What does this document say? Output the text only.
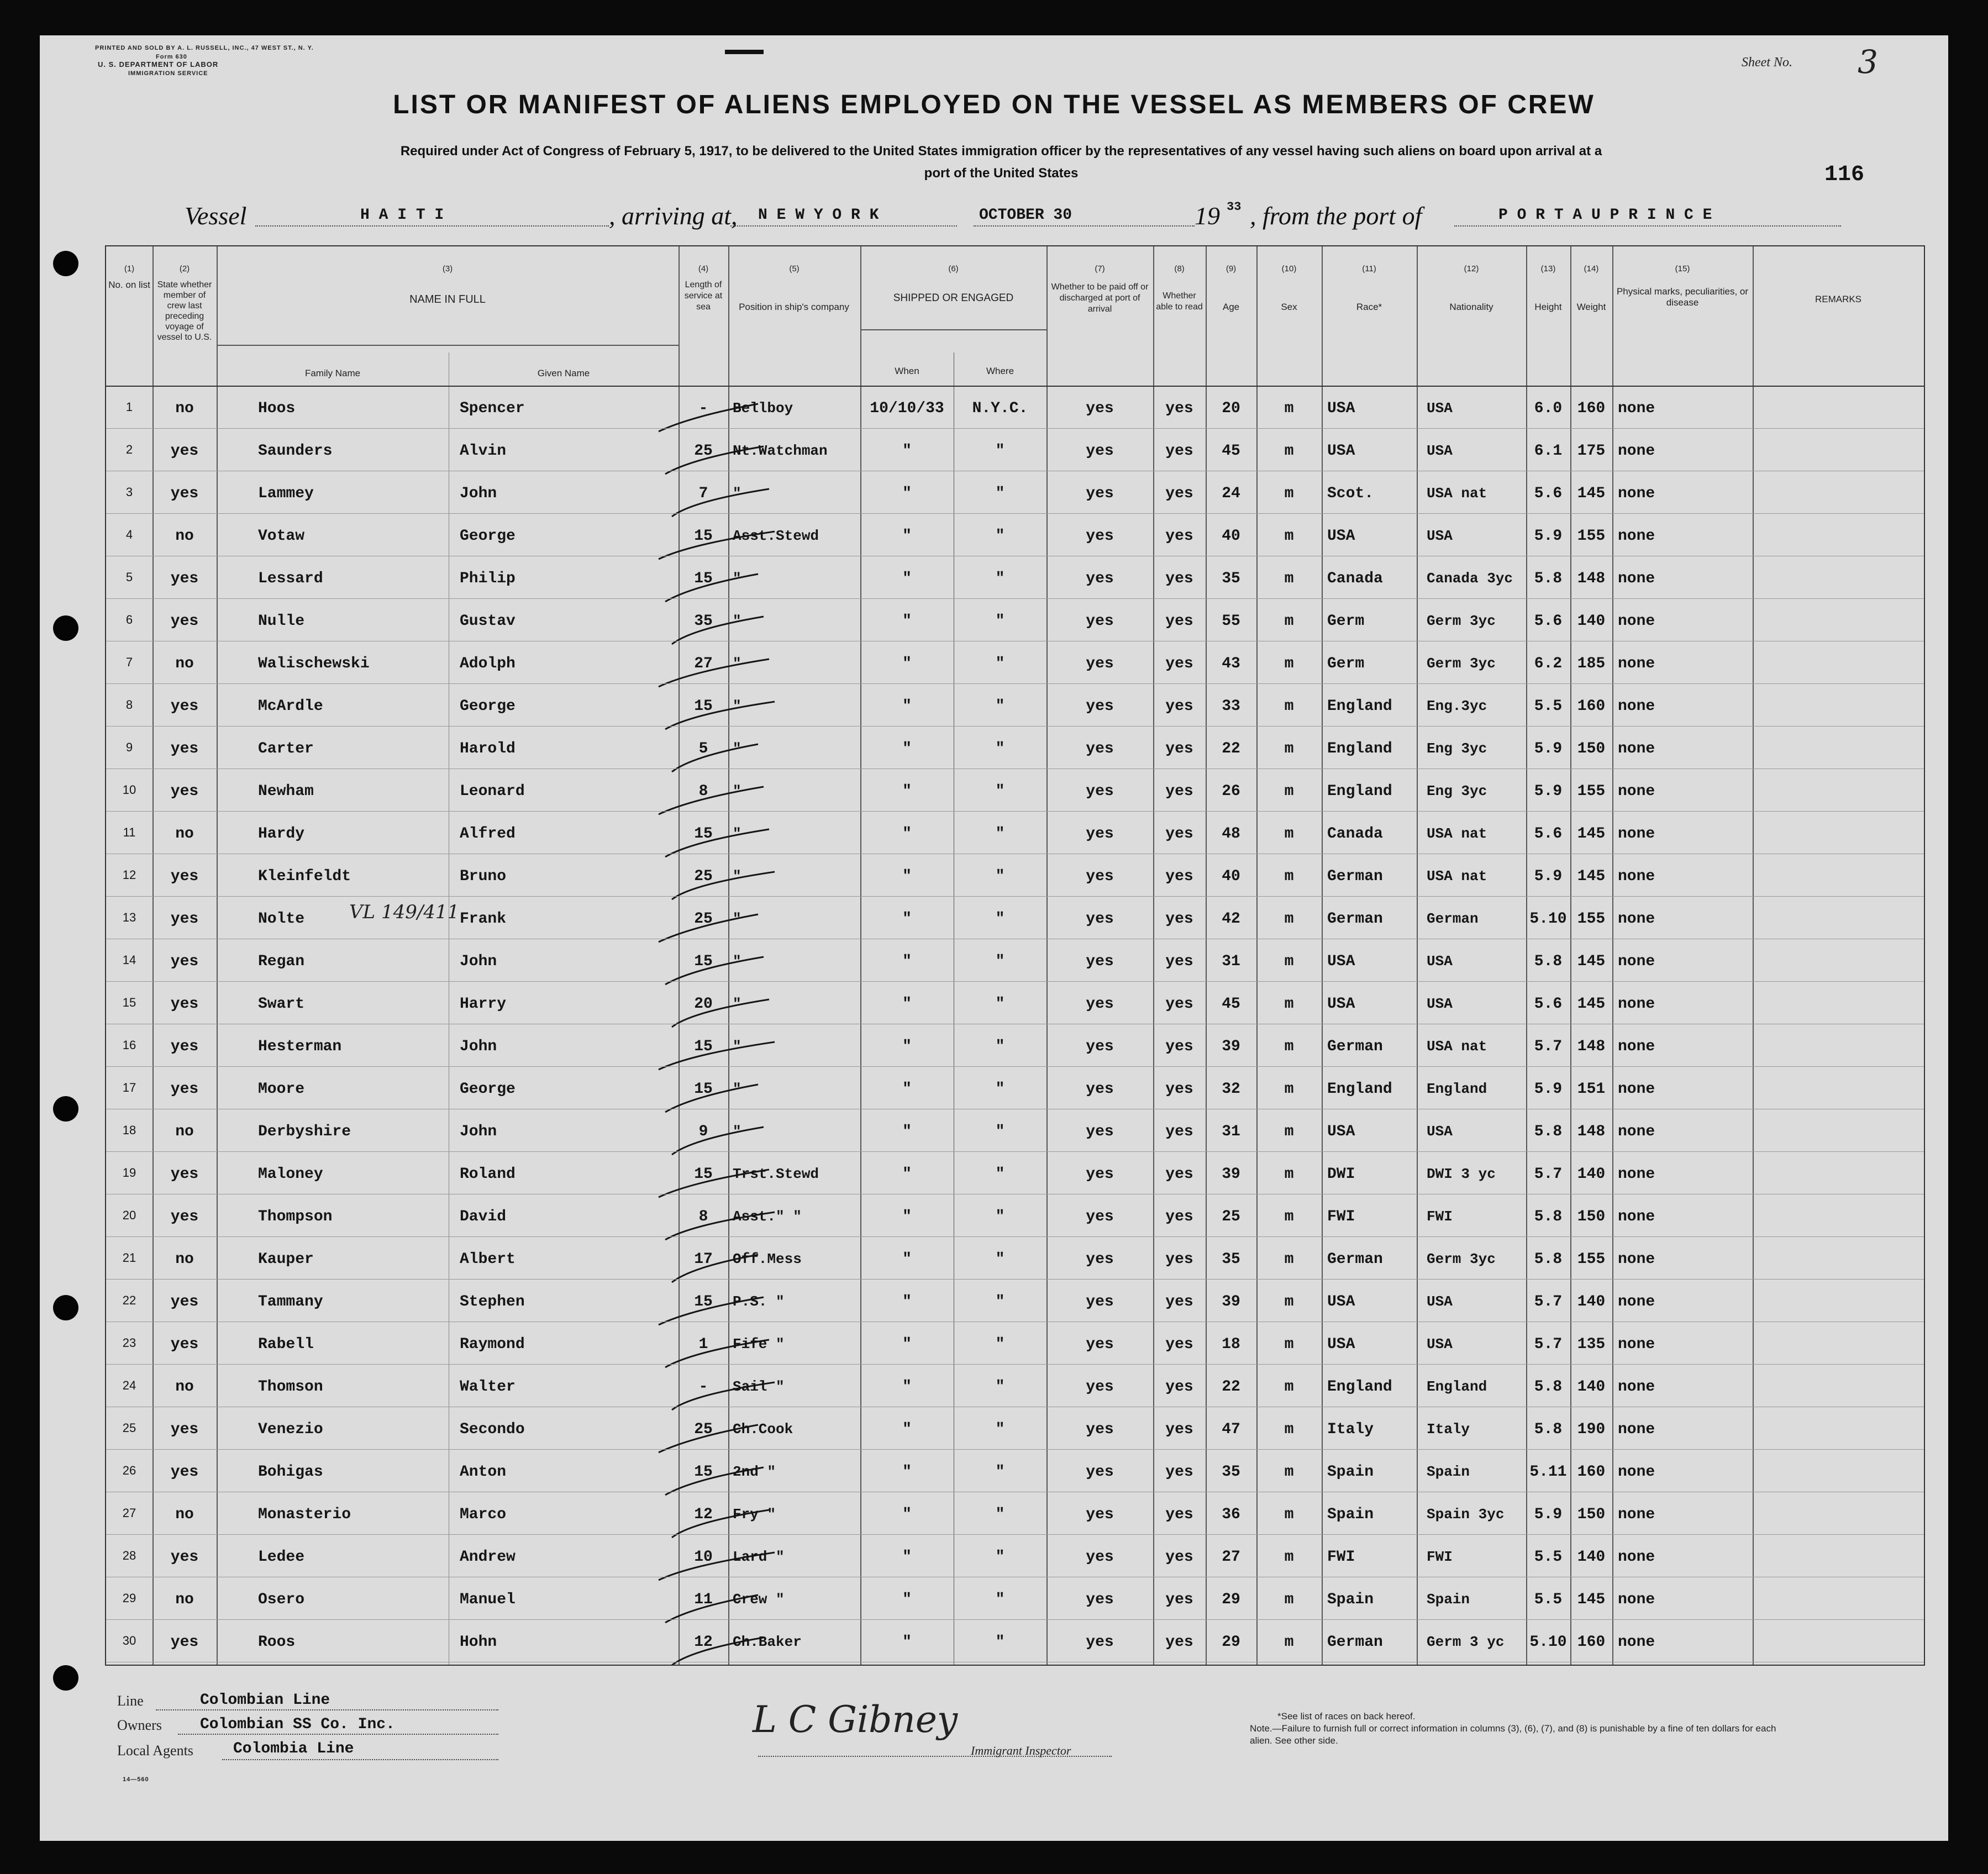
PRINTED AND SOLD BY A. L. RUSSELL, INC., 47 WEST ST., N. Y.
Form 630
U. S. DEPARTMENT OF LABOR
IMMIGRATION SERVICE
Sheet No. 3
LIST OR MANIFEST OF ALIENS EMPLOYED ON THE VESSEL AS MEMBERS OF CREW
Required under Act of Congress of February 5, 1917, to be delivered to the United States immigration officer by the representatives of any vessel having such aliens on board upon arrival at a
port of the United States	116
Vessel	H A I T I	, arriving at, N E W Y O R K	OCTOBER 30	19 33 , from the port of	P O R T A U P R I N C E
(1)	(2)	(3)	(4)	(5)	(6)	(7)	(8)	(9)	(10)	(11)	(12)	(13)	(14)	(15)
No. on list State whether member of crew last preceding voyage of vessel to U.S.
NAME IN FULL
Family Name	Given Name
Length of service at sea	Position in ship's company
SHIPPED OR ENGAGED
When	Where
Whether to be paid off or discharged at port of arrival
Whether able to read	Age	Sex	Race*	Nationality	Height	Weight
Physical marks, peculiarities, or disease	REMARKS
1	no	Hoos	Spencer	-	Bellboy	10/10/33	N.Y.C.	yes	yes	20	m	USA	USA	6.0 160 none
2	yes	Saunders	Alvin	25	Nt.Watchman	"	"	yes	yes	45	m	USA	USA	6.1 175 none
3	yes	Lammey	John	7	"	"	"	yes	yes	24	m	Scot.	USA nat	5.6 145 none
4	no	Votaw	George	15	Asst.Stewd	"	"	yes	yes	40	m	USA	USA	5.9 155 none
5	yes	Lessard	Philip	15	"	"	"	yes	yes	35	m	Canada	Canada 3yc	5.8 148 none
6	yes	Nulle	Gustav	35	"	"	"	yes	yes	55	m	Germ	Germ 3yc	5.6 140 none
7	no	Walischewski	Adolph	27	"	"	"	yes	yes	43	m	Germ	Germ 3yc	6.2 185 none
8	yes	McArdle	George	15	"	"	"	yes	yes	33	m	England	Eng.3yc	5.5 160 none
9	yes	Carter	Harold	5	"	"	"	yes	yes	22	m	England	Eng 3yc	5.9 150 none
10	yes	Newham	Leonard	8	"	"	"	yes	yes	26	m	England	Eng 3yc	5.9 155 none
11	no	Hardy	Alfred	15	"	"	"	yes	yes	48	m	Canada	USA nat	5.6 145 none
12	yes	Kleinfeldt	Bruno	25	"	"	"	yes	yes	40	m	German	USA nat	5.9 145 none
13	yes	Nolte	Frank	25	"	"	"	yes	yes	42	m	German	German	5.10 155 none
14	yes	Regan	John	15	"	"	"	yes	yes	31	m	USA	USA	5.8 145 none
15	yes	Swart	Harry	20	"	"	"	yes	yes	45	m	USA	USA	5.6 145 none
16	yes	Hesterman	John	15	"	"	"	yes	yes	39	m	German	USA nat	5.7 148 none
17	yes	Moore	George	15	"	"	"	yes	yes	32	m	England	England	5.9 151 none
18	no	Derbyshire	John	9	"	"	"	yes	yes	31	m	USA	USA	5.8 148 none
19	yes	Maloney	Roland	15	Trst.Stewd	"	"	yes	yes	39	m	DWI	DWI 3 yc	5.7 140 none
20	yes	Thompson	David	8	Asst." "	"	"	yes	yes	25	m	FWI	FWI	5.8 150 none
21	no	Kauper	Albert	17	Off.Mess	"	"	yes	yes	35	m	German	Germ 3yc	5.8 155 none
22	yes	Tammany	Stephen	15	P.S. "	"	"	yes	yes	39	m	USA	USA	5.7 140 none
23	yes	Rabell	Raymond	1	Fife "	"	"	yes	yes	18	m	USA	USA	5.7 135 none
24	no	Thomson	Walter	-	Sail "	"	"	yes	yes	22	m	England	England	5.8 140 none
25	yes	Venezio	Secondo	25	Ch.Cook	"	"	yes	yes	47	m	Italy	Italy	5.8 190 none
26	yes	Bohigas	Anton	15	2nd "	"	"	yes	yes	35	m	Spain	Spain	5.11 160 none
27	no	Monasterio	Marco	12	Fry "	"	"	yes	yes	36	m	Spain	Spain 3yc	5.9 150 none
28	yes	Ledee	Andrew	10	Lard "	"	"	yes	yes	27	m	FWI	FWI	5.5 140 none
29	no	Osero	Manuel	11	Crew "	"	"	yes	yes	29	m	Spain	Spain	5.5 145 none
30	yes	Roos	Hohn	12	Ch.Baker	"	"	yes	yes	29	m	German	Germ 3 yc	5.10 160 none
VL 149/411
Line	Colombian Line
Owners Colombian SS Co. Inc.
Local Agents	Colombia Line
L C Gibney
Immigrant Inspector
*See list of races on back hereof.
Note.—Failure to furnish full or correct information in columns (3), (6), (7), and (8) is punishable by a fine of ten dollars for each alien. See other side.
14—560
